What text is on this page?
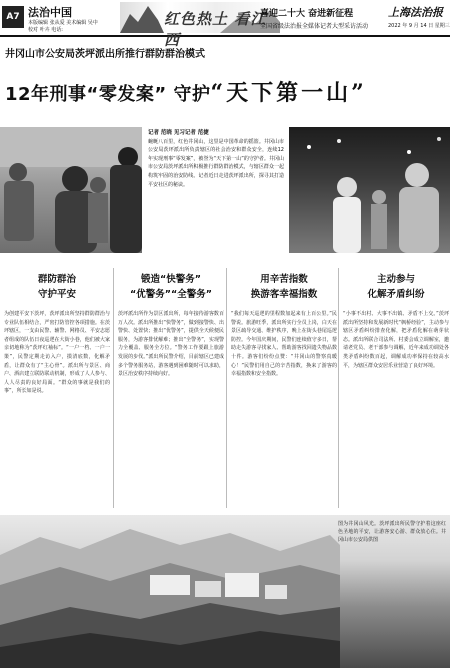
A7 法治中国
本版编辑 张从爱 美术编辑 吴中
校对 叶卉 电话:
红色热土 看江西
喜迎二十大 奋进新征程
全国省级法治报全媒体记者大型采访活动
上海法治报
2022 年 9 月 14 日 星期三
井冈山市公安局茨坪派出所推行群防群治模式
12年刑事“零发案” 守护“天下第一山”
记者 范晓 见习记者 范捷
蜿蜒八百里，红色井冈山，这里是中国革命的摇篮。井冈山市公安局茨坪派出所负责辖区的社会治安和群众安全，连续12年实现刑事“零发案”，被誉为“天下第一山”的守护者。井冈山市公安局茨坪派出所积极推行群防群治模式，与辖区群众一起构筑牢固的治安防线。记者近日走进茨坪派出所，探寻其打造平安社区的秘诀。
群防群治
守护平安
为创建平安下茨坪，茨坪派出所坚持群防群治与专业队伍相结合，严密打防管控各项措施。在茨坪辖区，一支由民警、辅警、网格员、平安志愿者组成的队伍日夜巡逻在大街小巷，他们被大家亲切地称为“茨坪红袖标”。“一户一档、一户一策”，民警定期走访入户，摸清底数，化解矛盾，让群众有了“主心骨”。派出所与景区、商户、酒店建立联防联动机制，形成了人人参与、人人尽责的良好局面。“群众的事就是我们的事”，所长如是说。
锻造“快警务”
“优警务”“全警务”
茨坪派出所作为景区派出所，每年接待游客数百万人次。派出所推出“快警务”，做到接警快、出警快、处置快；推出“优警务”，提供全天候便民服务，为游客排忧解难；推出“全警务”，实现警力全覆盖、服务全方位。“警务工作要跟上旅游发展的步伐。”派出所民警介绍，目前辖区已建成多个警务服务站，游客遇到困难随时可以求助，景区治安秩序持续向好。
用辛苦指数
换游客幸福指数
“我们每天巡逻的里程数加起来有上百公里。”民警说。旅游旺季，派出所实行全员上岗，白天在景区疏导交通、维护秩序，晚上在街头巷尾巡逻防控。今年国庆期间，民警们连续值守多日，帮助走失游客寻找家人、帮助游客找回遗失物品数十件。游客们纷纷点赞：“井冈山的警察真暖心！”民警们用自己的辛苦指数，换来了游客的幸福指数和安全指数。
主动参与
化解矛盾纠纷
“小事不出村、大事不出镇、矛盾不上交。”茨坪派出所坚持和发展新时代“枫桥经验”，主动参与辖区矛盾纠纷排查化解，把矛盾化解在萌芽状态。派出所联合司法所、村委会成立调解室，邀请老党员、老干部参与调解，近年来成功调处各类矛盾纠纷数百起，调解成功率保持在较高水平，为辖区群众安居乐业营造了良好环境。
图为井冈山风光。茨坪派出所民警守护着这座红色圣地的平安，让游客安心游、群众放心住。井冈山市公安局供图
